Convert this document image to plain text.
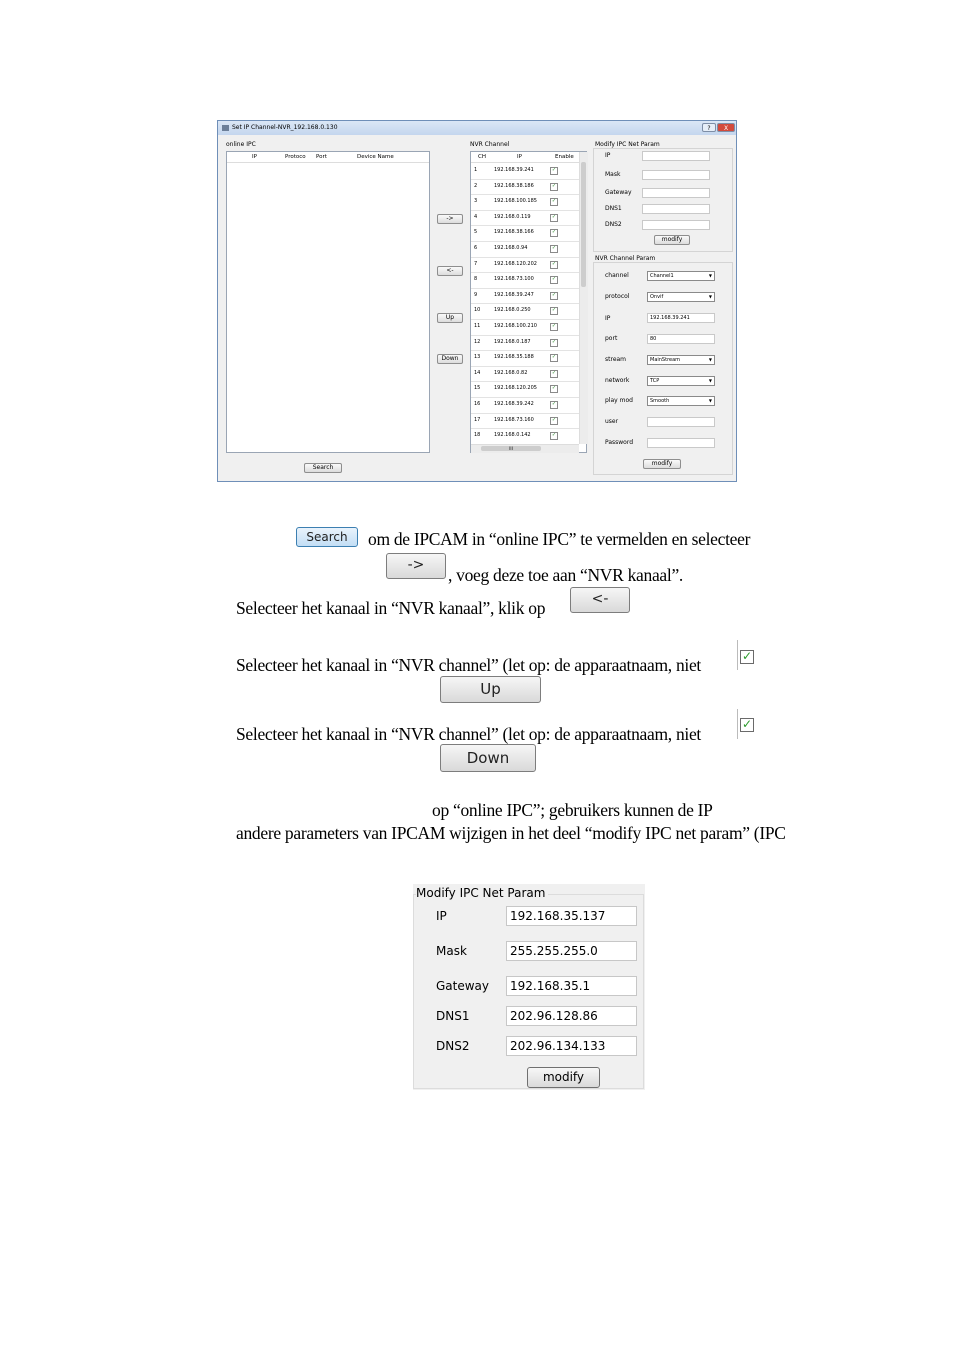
Set IP Channel-NVR_192.168.0.130	?	X
online IPC
IP	Protoco Port	Device Name
Search
->
<-
Up
Down
NVR Channel
CH	IP	Enable
1	192.168.39.241	✓
2	192.168.38.186	✓
3	192.168.100.185	✓
4	192.168.0.119	✓
5	192.168.38.166	✓
6	192.168.0.94	✓
7	192.168.120.202	✓
8	192.168.73.100	✓
9	192.168.39.247	✓
10	192.168.0.250	✓
11	192.168.100.210	✓
12	192.168.0.187	✓
13	192.168.35.188	✓
14	192.168.0.82	✓
15	192.168.120.205	✓
16	192.168.39.242	✓
17	192.168.73.160	✓
18	192.168.0.142	✓
III
Modify IPC Net Param
IP
Mask
Gateway
DNS1
DNS2
modify
NVR Channel Param
channel	Channel1	▼
protocol	Onvif	▼
IP	192.168.39.241
port	80
stream	MainStream	▼
network	TCP	▼
play mod​	Smooth	▼
user
Password
modify
Search	om de IPCAM in “online IPC” te vermelden en selecteer
->	, voeg deze toe aan “NVR kanaal”.
Selecteer het kanaal in “NVR kanaal”, klik op	<-
Selecteer het kanaal in “NVR channel” (let op: de apparaatnaam, niet	✓
Up
Selecteer het kanaal in “NVR channel” (let op: de apparaatnaam, niet	✓
Down
op “online IPC”; gebruikers kunnen de IP
andere parameters van IPCAM wijzigen in het deel “modify IPC net param” (IPC
Modify IPC Net Param
IP	192.168.35.137
Mask	255.255.255.0
Gateway	192.168.35.1
DNS1	202.96.128.86
DNS2	202.96.134.133
modify
